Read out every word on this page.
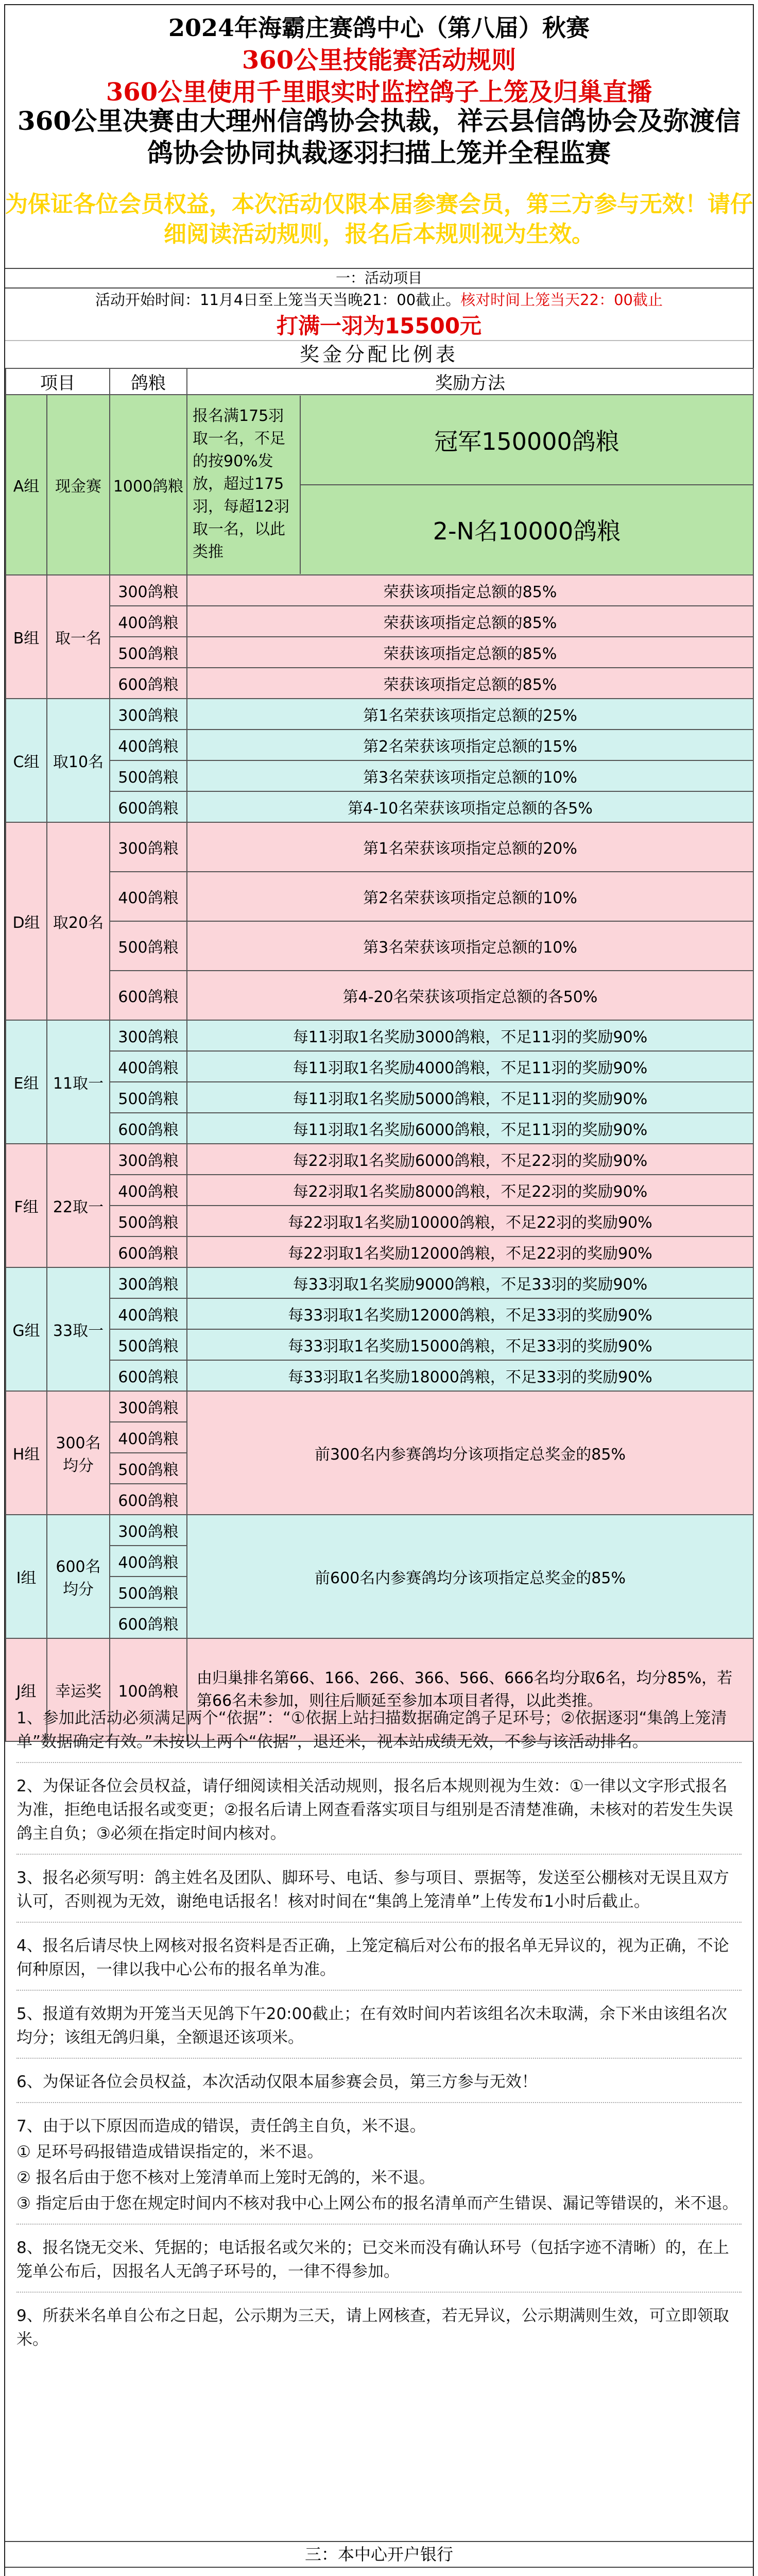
2024年海霸庄赛鸽中心（第八届）秋赛
360公里技能赛活动规则
360公里使用千里眼实时监控鸽子上笼及归巢直播
360公里决赛由大理州信鸽协会执裁，祥云县信鸽协会及弥渡信鸽协会协同执裁逐羽扫描上笼并全程监赛
为保证各位会员权益，本次活动仅限本届参赛会员，第三方参与无效！请仔细阅读活动规则，报名后本规则视为生效。
一：活动项目
活动开始时间：11月4日至上笼当天当晚21：00截止。核对时间上笼当天22：00截止
打满一羽为15500元
奖金分配比例表
项目		鸽粮	奖励方法
A组	现金赛	1000鸽粮	报名满175羽取一名，不足的按90%发放，超过175羽，每超12羽取一名，以此类推
冠军150000鸽粮
2-N名10000鸽粮

B组	取一名	300鸽粮	荣获该项指定总额的85%
		400鸽粮	荣获该项指定总额的85%
		500鸽粮	荣获该项指定总额的85%
		600鸽粮	荣获该项指定总额的85%
C组	取10名	300鸽粮	第1名荣获该项指定总额的25%
		400鸽粮	第2名荣获该项指定总额的15%
		500鸽粮	第3名荣获该项指定总额的10%
		600鸽粮	第4-10名荣获该项指定总额的各5%
D组	取20名	300鸽粮	第1名荣获该项指定总额的20%
		400鸽粮	第2名荣获该项指定总额的10%
		500鸽粮	第3名荣获该项指定总额的10%
		600鸽粮	第4-20名荣获该项指定总额的各50%
E组	11取一	300鸽粮	每11羽取1名奖励3000鸽粮，不足11羽的奖励90%
		400鸽粮	每11羽取1名奖励4000鸽粮，不足11羽的奖励90%
		500鸽粮	每11羽取1名奖励5000鸽粮，不足11羽的奖励90%
		600鸽粮	每11羽取1名奖励6000鸽粮，不足11羽的奖励90%
F组	22取一	300鸽粮	每22羽取1名奖励6000鸽粮，不足22羽的奖励90%
		400鸽粮	每22羽取1名奖励8000鸽粮，不足22羽的奖励90%
		500鸽粮	每22羽取1名奖励10000鸽粮，不足22羽的奖励90%
		600鸽粮	每22羽取1名奖励12000鸽粮，不足22羽的奖励90%
G组	33取一	300鸽粮	每33羽取1名奖励9000鸽粮，不足33羽的奖励90%
		400鸽粮	每33羽取1名奖励12000鸽粮，不足33羽的奖励90%
		500鸽粮	每33羽取1名奖励15000鸽粮，不足33羽的奖励90%
		600鸽粮	每33羽取1名奖励18000鸽粮，不足33羽的奖励90%
H组	300名均分	300鸽粮	前300名内参赛鸽均分该项指定总奖金的85%
		400鸽粮	
		500鸽粮	
		600鸽粮	
I组	600名均分	300鸽粮	前600名内参赛鸽均分该项指定总奖金的85%
		400鸽粮	
		500鸽粮	
		600鸽粮	
J组	幸运奖	100鸽粮	由归巢排名第66、166、266、366、566、666名均分取6名，均分85%，若第66名未参加，则往后顺延至参加本项目者得，以此类推。
1、参加此活动必须满足两个“依据”：“①依据上站扫描数据确定鸽子足环号；②依据逐羽“集鸽上笼清单”数据确定有效。”未按以上两个“依据”，退还米，视本站成绩无效，不参与该活动排名。
2、为保证各位会员权益，请仔细阅读相关活动规则，报名后本规则视为生效：①一律以文字形式报名为准，拒绝电话报名或变更；②报名后请上网查看落实项目与组别是否清楚准确，未核对的若发生失误鸽主自负；③必须在指定时间内核对。
3、报名必须写明：鸽主姓名及团队、脚环号、电话、参与项目、票据等，发送至公棚核对无误且双方认可，否则视为无效，谢绝电话报名！核对时间在“集鸽上笼清单”上传发布1小时后截止。
4、报名后请尽快上网核对报名资料是否正确，上笼定稿后对公布的报名单无异议的，视为正确，不论何种原因，一律以我中心公布的报名单为准。
5、报道有效期为开笼当天见鸽下午20:00截止；在有效时间内若该组名次未取满，余下米由该组名次均分；该组无鸽归巢，全额退还该项米。
6、为保证各位会员权益，本次活动仅限本届参赛会员，第三方参与无效！
7、由于以下原因而造成的错误，责任鸽主自负，米不退。
① 足环号码报错造成错误指定的，米不退。
② 报名后由于您不核对上笼清单而上笼时无鸽的，米不退。
③ 指定后由于您在规定时间内不核对我中心上网公布的报名清单而产生错误、漏记等错误的，米不退。
8、报名饶无交米、凭据的；电话报名或欠米的；已交米而没有确认环号（包括字迹不清晰）的，在上笼单公布后，因报名人无鸽子环号的，一律不得参加。
9、所获米名单自公布之日起，公示期为三天，请上网核查，若无异议，公示期满则生效，可立即领取米。
三：本中心开户银行
